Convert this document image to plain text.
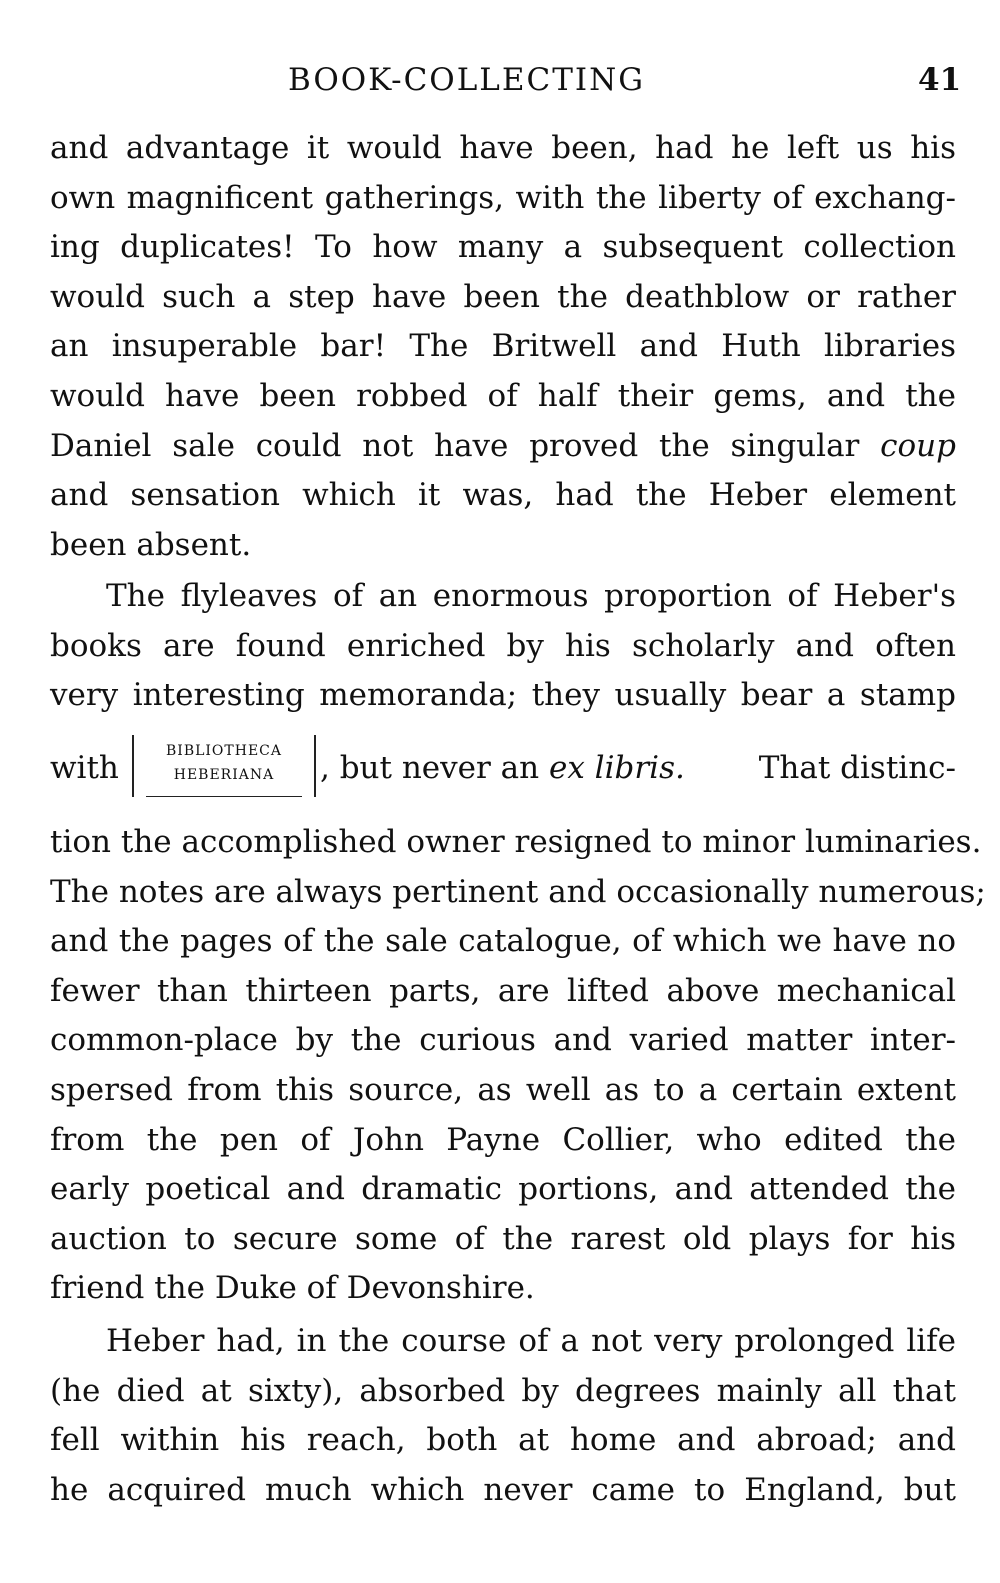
BOOK-COLLECTING	41
and advantage it would have been, had he left us his
own magnificent gatherings, with the liberty of exchang-
ing duplicates! To how many a subsequent collection
would such a step have been the deathblow or rather
an insuperable bar! The Britwell and Huth libraries
would have been robbed of half their gems, and the
Daniel sale could not have proved the singular coup
and sensation which it was, had the Heber element
been absent.
The flyleaves of an enormous proportion of Heber's
books are found enriched by his scholarly and often
very interesting memoranda; they usually bear a stamp
with	BIBLIOTHECA
HEBERIANA	, but never an ex libris. That distinc-
tion the accomplished owner resigned to minor luminaries.
The notes are always pertinent and occasionally numerous;
and the pages of the sale catalogue, of which we have no
fewer than thirteen parts, are lifted above mechanical
common-place by the curious and varied matter inter-
spersed from this source, as well as to a certain extent
from the pen of John Payne Collier, who edited the
early poetical and dramatic portions, and attended the
auction to secure some of the rarest old plays for his
friend the Duke of Devonshire.
Heber had, in the course of a not very prolonged life
(he died at sixty), absorbed by degrees mainly all that
fell within his reach, both at home and abroad; and
he acquired much which never came to England, but
